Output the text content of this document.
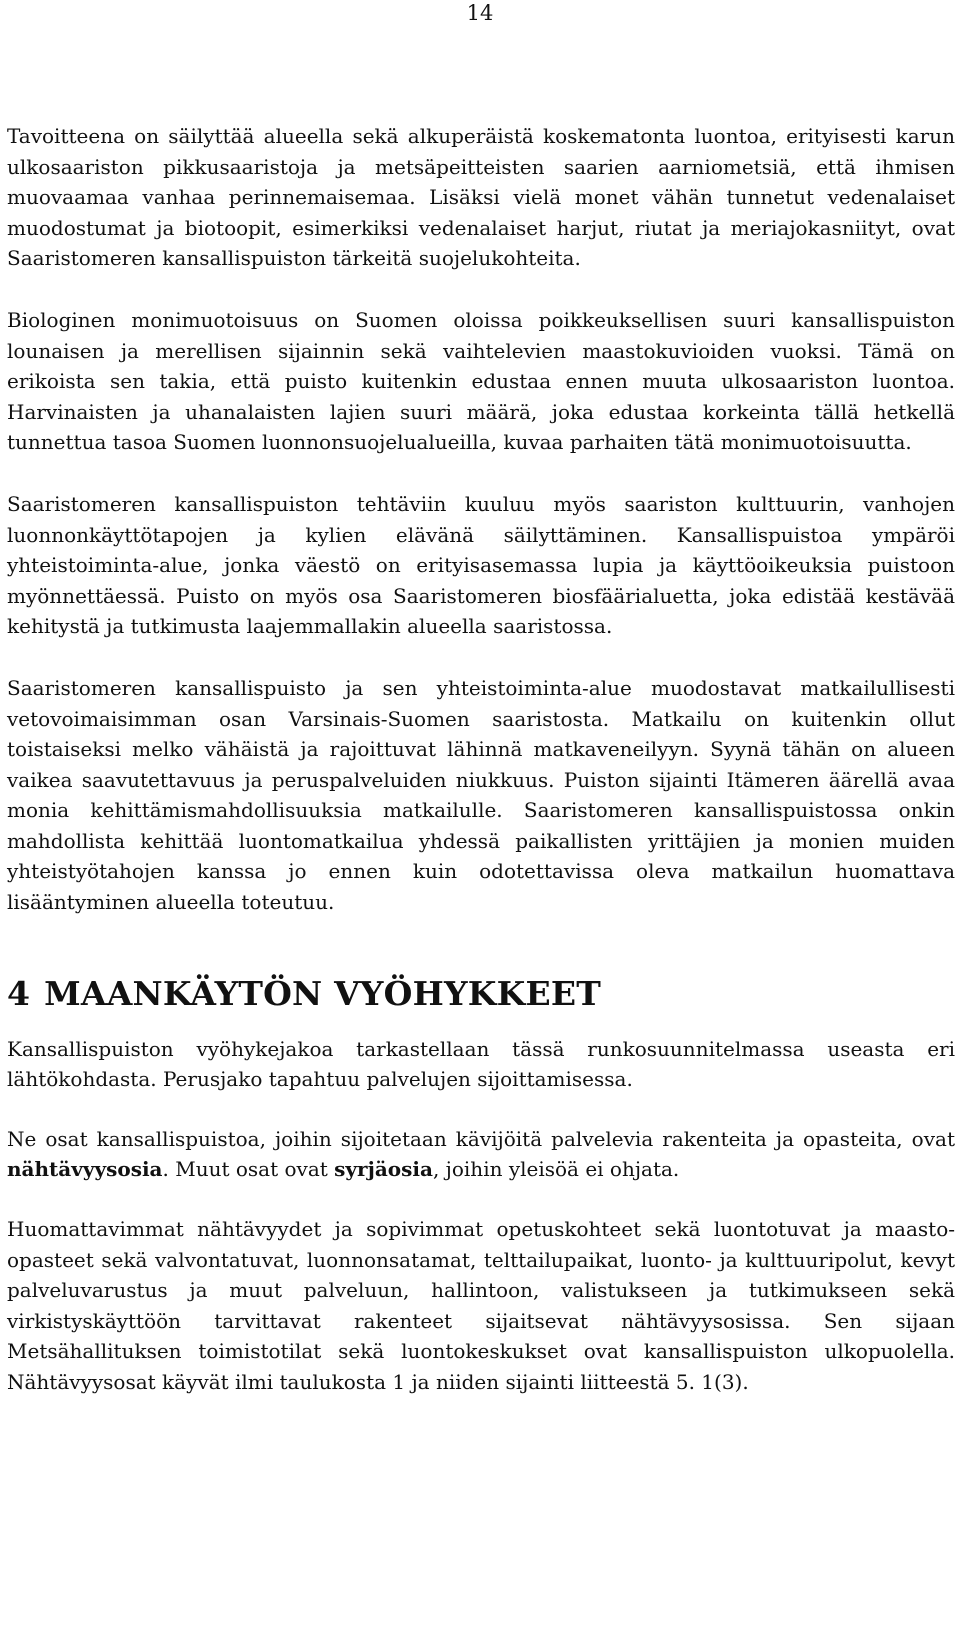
14

Tavoitteena on säilyttää alueella sekä alkuperäistä koskematonta luontoa, erityisesti karun ulkosaariston pikkusaaristoja ja metsäpeitteisten saarien aarniometsiä, että ihmisen muovaamaa vanhaa perinnemaisemaa. Lisäksi vielä monet vähän tunnetut vedenalaiset muodostumat ja biotoopit, esimerkiksi vedenalaiset harjut, riutat ja meriajokasniityt, ovat Saaristomeren kansallispuiston tärkeitä suojelukohteita.

Biologinen monimuotoisuus on Suomen oloissa poikkeuksellisen suuri kansallispuiston lounaisen ja merellisen sijainnin sekä vaihtelevien maastokuvioiden vuoksi. Tämä on erikoista sen takia, että puisto kuitenkin edustaa ennen muuta ulkosaariston luontoa. Harvinaisten ja uhanalaisten lajien suuri määrä, joka edustaa korkeinta tällä hetkellä tunnettua tasoa Suomen luonnonsuojelualueilla, kuvaa parhaiten tätä monimuotoisuutta.

Saaristomeren kansallispuiston tehtäviin kuuluu myös saariston kulttuurin, vanhojen luonnonkäyttötapojen ja kylien elävänä säilyttäminen. Kansallispuistoa ympäröi yhteistoiminta-alue, jonka väestö on erityisasemassa lupia ja käyttöoikeuksia puistoon myönnettäessä. Puisto on myös osa Saaristomeren biosfäärialuetta, joka edistää kestävää kehitystä ja tutkimusta laajemmallakin alueella saaristossa.

Saaristomeren kansallispuisto ja sen yhteistoiminta-alue muodostavat matkailullisesti vetovoimaisimman osan Varsinais-Suomen saaristosta. Matkailu on kuitenkin ollut toistaiseksi melko vähäistä ja rajoittuvat lähinnä matkaveneilyyn. Syynä tähän on alueen vaikea saavutettavuus ja peruspalveluiden niukkuus. Puiston sijainti Itämeren äärellä avaa monia kehittämismahdollisuuksia matkailulle. Saaristomeren kansallispuistossa onkin mahdollista kehittää luontomatkailua yhdessä paikallisten yrittäjien ja monien muiden yhteistyötahojen kanssa jo ennen kuin odotettavissa oleva matkailun huomattava lisääntyminen alueella toteutuu.

4 MAANKÄYTÖN VYÖHYKKEET

Kansallispuiston vyöhykejakoa tarkastellaan tässä runkosuunnitelmassa useasta eri lähtökohdasta. Perusjako tapahtuu palvelujen sijoittamisessa.

Ne osat kansallispuistoa, joihin sijoitetaan kävijöitä palvelevia rakenteita ja opasteita, ovat nähtävyysosia. Muut osat ovat syrjäosia, joihin yleisöä ei ohjata.

Huomattavimmat nähtävyydet ja sopivimmat opetuskohteet sekä luontotuvat ja maasto-opasteet sekä valvontatuvat, luonnonsatamat, telttailupaikat, luonto- ja kulttuuripolut, kevyt palveluvarustus ja muut palveluun, hallintoon, valistukseen ja tutkimukseen sekä virkistyskäyttöön tarvittavat rakenteet sijaitsevat nähtävyysosissa. Sen sijaan Metsähallituksen toimistotilat sekä luontokeskukset ovat kansallispuiston ulkopuolella. Nähtävyysosat käyvät ilmi taulukosta 1 ja niiden sijainti liitteestä 5. 1(3).
